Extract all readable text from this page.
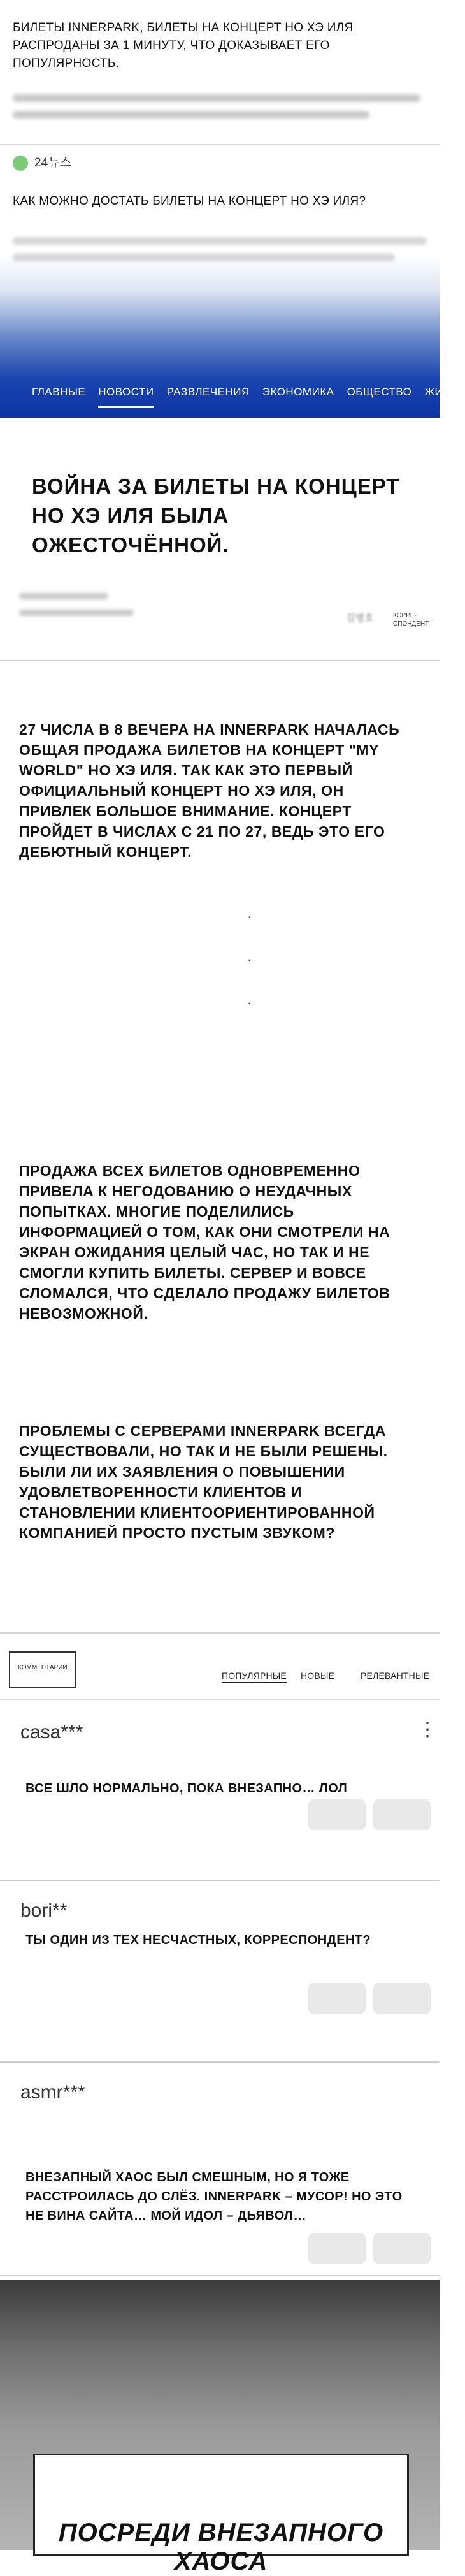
БИЛЕТЫ INNERPARK, БИЛЕТЫ НА КОНЦЕРТ НО ХЭ ИЛЯ РАСПРОДАНЫ ЗА 1 МИНУТУ, ЧТО ДОКАЗЫВАЕТ ЕГО ПОПУЛЯРНОСТЬ.
24뉴스
КАК МОЖНО ДОСТАТЬ БИЛЕТЫ НА КОНЦЕРТ НО ХЭ ИЛЯ?
ГЛАВНЫЕ НОВОСТИ РАЗВЛЕЧЕНИЯ ЭКОНОМИКА ОБЩЕСТВО ЖИЗНЬ
ВОЙНА ЗА БИЛЕТЫ НА КОНЦЕРТ НО ХЭ ИЛЯ БЫЛА ОЖЕСТОЧЁННОЙ.
김병호	КОРРЕ-
СПОНДЕНТ
27 ЧИСЛА В 8 ВЕЧЕРА НА INNERPARK НАЧАЛАСЬ ОБЩАЯ ПРОДАЖА БИЛЕТОВ НА КОНЦЕРТ "MY WORLD" НО ХЭ ИЛЯ. ТАК КАК ЭТО ПЕРВЫЙ ОФИЦИАЛЬНЫЙ КОНЦЕРТ НО ХЭ ИЛЯ, ОН ПРИВЛЕК БОЛЬШОЕ ВНИМАНИЕ. КОНЦЕРТ ПРОЙДЕТ В ЧИСЛАХ С 21 ПО 27, ВЕДЬ ЭТО ЕГО ДЕБЮТНЫЙ КОНЦЕРТ.
·
·
·
ПРОДАЖА ВСЕХ БИЛЕТОВ ОДНОВРЕМЕННО ПРИВЕЛА К НЕГОДОВАНИЮ О НЕУДАЧНЫХ ПОПЫТКАХ. МНОГИЕ ПОДЕЛИЛИСЬ ИНФОРМАЦИЕЙ О ТОМ, КАК ОНИ СМОТРЕЛИ НА ЭКРАН ОЖИДАНИЯ ЦЕЛЫЙ ЧАС, НО ТАК И НЕ СМОГЛИ КУПИТЬ БИЛЕТЫ. СЕРВЕР И ВОВСЕ СЛОМАЛСЯ, ЧТО СДЕЛАЛО ПРОДАЖУ БИЛЕТОВ НЕВОЗМОЖНОЙ.
ПРОБЛЕМЫ С СЕРВЕРАМИ INNERPARK ВСЕГДА СУЩЕСТВОВАЛИ, НО ТАК И НЕ БЫЛИ РЕШЕНЫ. БЫЛИ ЛИ ИХ ЗАЯВЛЕНИЯ О ПОВЫШЕНИИ УДОВЛЕТВОРЕННОСТИ КЛИЕНТОВ И СТАНОВЛЕНИИ КЛИЕНТООРИЕНТИРОВАННОЙ КОМПАНИЕЙ ПРОСТО ПУСТЫМ ЗВУКОМ?
КОММЕНТАРИИ
ПОПУЛЯРНЫЕ НОВЫЕ	РЕЛЕВАНТНЫЕ
casa***
ВСЕ ШЛО НОРМАЛЬНО, ПОКА ВНЕЗАПНО… ЛОЛ
⋮
bori**
ТЫ ОДИН ИЗ ТЕХ НЕСЧАСТНЫХ, КОРРЕСПОНДЕНТ?
asmr***
ВНЕЗАПНЫЙ ХАОС БЫЛ СМЕШНЫМ, НО Я ТОЖЕ РАССТРОИЛАСЬ ДО СЛЁЗ. INNERPARK – МУСОР! НО ЭТО НЕ ВИНА САЙТА… МОЙ ИДОЛ – ДЬЯВОЛ…
ПОСРЕДИ ВНЕЗАПНОГО ХАОСА
